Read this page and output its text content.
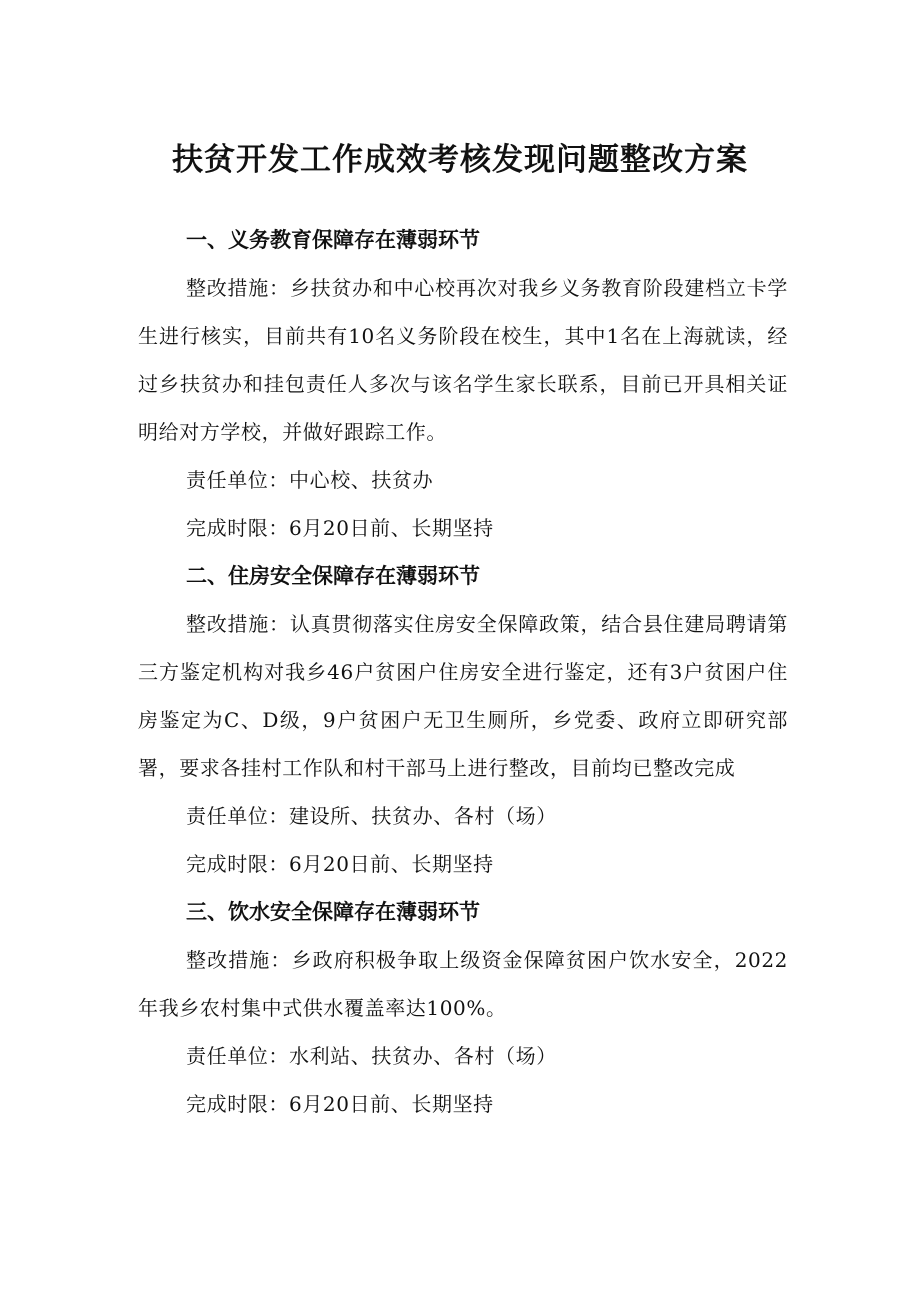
扶贫开发工作成效考核发现问题整改方案

一、义务教育保障存在薄弱环节

整改措施：乡扶贫办和中心校再次对我乡义务教育阶段建档立卡学生进行核实，目前共有10名义务阶段在校生，其中1名在上海就读，经过乡扶贫办和挂包责任人多次与该名学生家长联系，目前已开具相关证明给对方学校，并做好跟踪工作。

责任单位：中心校、扶贫办

完成时限：6月20日前、长期坚持

二、住房安全保障存在薄弱环节

整改措施：认真贯彻落实住房安全保障政策，结合县住建局聘请第三方鉴定机构对我乡46户贫困户住房安全进行鉴定，还有3户贫困户住房鉴定为C、D级，9户贫困户无卫生厕所，乡党委、政府立即研究部署，要求各挂村工作队和村干部马上进行整改，目前均已整改完成

责任单位：建设所、扶贫办、各村（场）

完成时限：6月20日前、长期坚持

三、饮水安全保障存在薄弱环节

整改措施：乡政府积极争取上级资金保障贫困户饮水安全，2022年我乡农村集中式供水覆盖率达100%。

责任单位：水利站、扶贫办、各村（场）

完成时限：6月20日前、长期坚持
